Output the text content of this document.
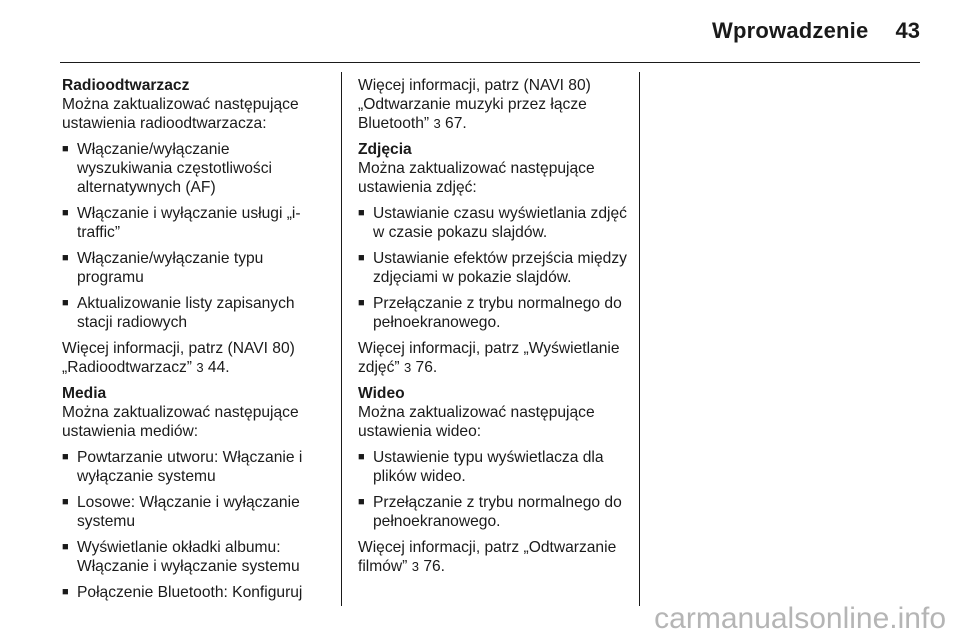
Wprowadzenie 43
Radioodtwarzacz

Można zaktualizować następujące ustawienia radioodtwarzacza:

■ Włączanie/wyłączanie wyszukiwania częstotliwości alternatywnych (AF)
■ Włączanie i wyłączanie usługi „i-traffic”
■ Włączanie/wyłączanie typu programu
■ Aktualizowanie listy zapisanych stacji radiowych

Więcej informacji, patrz (NAVI 80) „Radioodtwarzacz” 3 44.

Media

Można zaktualizować następujące ustawienia mediów:

■ Powtarzanie utworu: Włączanie i wyłączanie systemu
■ Losowe: Włączanie i wyłączanie systemu
■ Wyświetlanie okładki albumu: Włączanie i wyłączanie systemu
■ Połączenie Bluetooth: Konfiguruj

Więcej informacji, patrz (NAVI 80) „Odtwarzanie muzyki przez łącze Bluetooth” 3 67.

Zdjęcia

Można zaktualizować następujące ustawienia zdjęć:

■ Ustawianie czasu wyświetlania zdjęć w czasie pokazu slajdów.
■ Ustawianie efektów przejścia między zdjęciami w pokazie slajdów.
■ Przełączanie z trybu normalnego do pełnoekranowego.

Więcej informacji, patrz „Wyświetlanie zdjęć” 3 76.

Wideo

Można zaktualizować następujące ustawienia wideo:

■ Ustawienie typu wyświetlacza dla plików wideo.
■ Przełączanie z trybu normalnego do pełnoekranowego.

Więcej informacji, patrz „Odtwarzanie filmów” 3 76.

carmanualsonline.info
